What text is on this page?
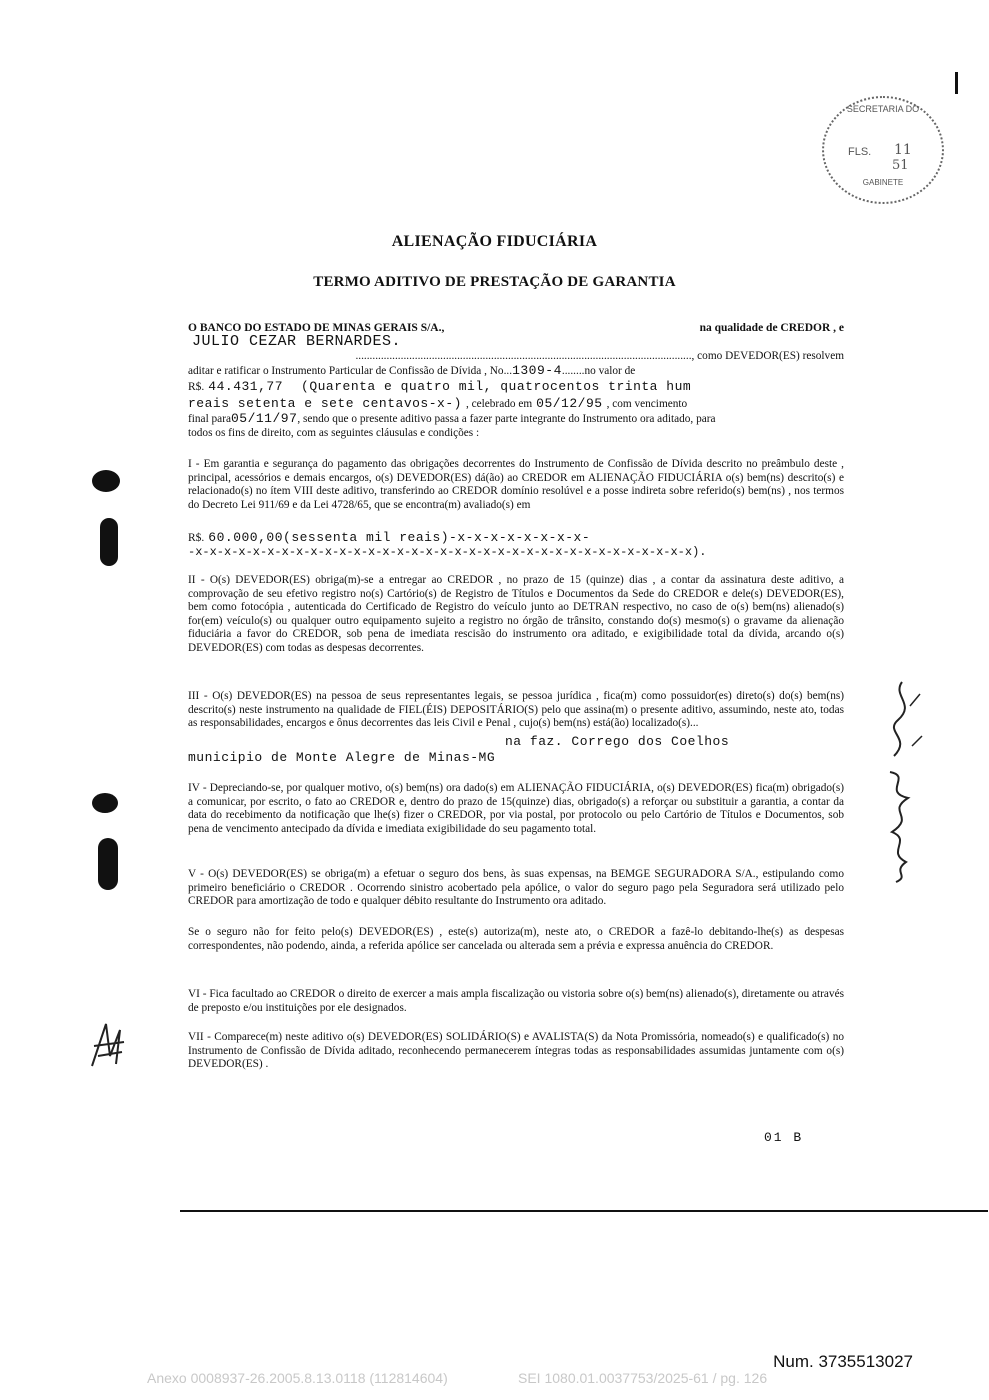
SECRETARIA DO
FLS. 11
51
GABINETE
ALIENAÇÃO FIDUCIÁRIA
TERMO ADITIVO DE PRESTAÇÃO DE GARANTIA
O BANCO DO ESTADO DE MINAS GERAIS S/A.,	na qualidade de CREDOR , e
JULIO CEZAR BERNARDES.
......................................................................................................................., como DEVEDOR(ES) resolvem
aditar e ratificar o Instrumento Particular de Confissão de Dívida , No...1309-4........no valor de
R$. 44.431,77 (Quarenta e quatro mil, quatrocentos trinta hum
reais setenta e sete centavos-x-) , celebrado em 05/12/95 , com vencimento
final para05/11/97, sendo que o presente aditivo passa a fazer parte integrante do Instrumento ora aditado, para
todos os fins de direito, com as seguintes cláusulas e condições :
I - Em garantia e segurança do pagamento das obrigações decorrentes do Instrumento de Confissão de Dívida descrito no preâmbulo deste , principal, acessórios e demais encargos, o(s) DEVEDOR(ES) dá(ão) ao CREDOR em ALIENAÇÃO FIDUCIÁRIA o(s) bem(ns) descrito(s) e relacionado(s) no ítem VIII deste aditivo, transferindo ao CREDOR domínio resolúvel e a posse indireta sobre referido(s) bem(ns) , nos termos do Decreto Lei 911/69 e da Lei 4728/65, que se encontra(m) avaliado(s) em
R$. 60.000,00(sessenta mil reais)-x-x-x-x-x-x-x-x-
-x-x-x-x-x-x-x-x-x-x-x-x-x-x-x-x-x-x-x-x-x-x-x-x-x-x-x-x-x-x-x-x-x-x-x).
II - O(s) DEVEDOR(ES) obriga(m)-se a entregar ao CREDOR , no prazo de 15 (quinze) dias , a contar da assinatura deste aditivo, a comprovação de seu efetivo registro no(s) Cartório(s) de Registro de Títulos e Documentos da Sede do CREDOR e dele(s) DEVEDOR(ES), bem como fotocópia , autenticada do Certificado de Registro do veículo junto ao DETRAN respectivo, no caso de o(s) bem(ns) alienado(s) for(em) veículo(s) ou qualquer outro equipamento sujeito a registro no órgão de trânsito, constando do(s) mesmo(s) o gravame da alienação fiduciária a favor do CREDOR, sob pena de imediata rescisão do instrumento ora aditado, e exigibilidade total da dívida, arcando o(s) DEVEDOR(ES) com todas as despesas decorrentes.
III - O(s) DEVEDOR(ES) na pessoa de seus representantes legais, se pessoa jurídica , fica(m) como possuidor(es) direto(s) do(s) bem(ns) descrito(s) neste instrumento na qualidade de FIEL(ÉIS) DEPOSITÁRIO(S) pelo que assina(m) o presente aditivo, assumindo, neste ato, todas as responsabilidades, encargos e ônus decorrentes das leis Civil e Penal , cujo(s) bem(ns) está(ão) localizado(s)...
na faz. Corrego dos Coelhos
municipio de Monte Alegre de Minas-MG
IV - Depreciando-se, por qualquer motivo, o(s) bem(ns) ora dado(s) em ALIENAÇÃO FIDUCIÁRIA, o(s) DEVEDOR(ES) fica(m) obrigado(s) a comunicar, por escrito, o fato ao CREDOR e, dentro do prazo de 15(quinze) dias, obrigado(s) a reforçar ou substituir a garantia, a contar da data do recebimento da notificação que lhe(s) fizer o CREDOR, por via postal, por protocolo ou pelo Cartório de Títulos e Documentos, sob pena de vencimento antecipado da dívida e imediata exigibilidade do seu pagamento total.
V - O(s) DEVEDOR(ES) se obriga(m) a efetuar o seguro dos bens, às suas expensas, na BEMGE SEGURADORA S/A., estipulando como primeiro beneficiário o CREDOR . Ocorrendo sinistro acobertado pela apólice, o valor do seguro pago pela Seguradora será utilizado pelo CREDOR para amortização de todo e qualquer débito resultante do Instrumento ora aditado.
Se o seguro não for feito pelo(s) DEVEDOR(ES) , este(s) autoriza(m), neste ato, o CREDOR a fazê-lo debitando-lhe(s) as despesas correspondentes, não podendo, ainda, a referida apólice ser cancelada ou alterada sem a prévia e expressa anuência do CREDOR.
VI - Fica facultado ao CREDOR o direito de exercer a mais ampla fiscalização ou vistoria sobre o(s) bem(ns) alienado(s), diretamente ou através de preposto e/ou instituições por ele designados.
VII - Comparece(m) neste aditivo o(s) DEVEDOR(ES) SOLIDÁRIO(S) e AVALISTA(S) da Nota Promissória, nomeado(s) e qualificado(s) no Instrumento de Confissão de Dívida aditado, reconhecendo permanecerem íntegras todas as responsabilidades assumidas juntamente com o(s) DEVEDOR(ES) .
01 B
Num. 3735513027
Anexo 0008937-26.2005.8.13.0118 (112814604)	SEI 1080.01.0037753/2025-61 / pg. 126
